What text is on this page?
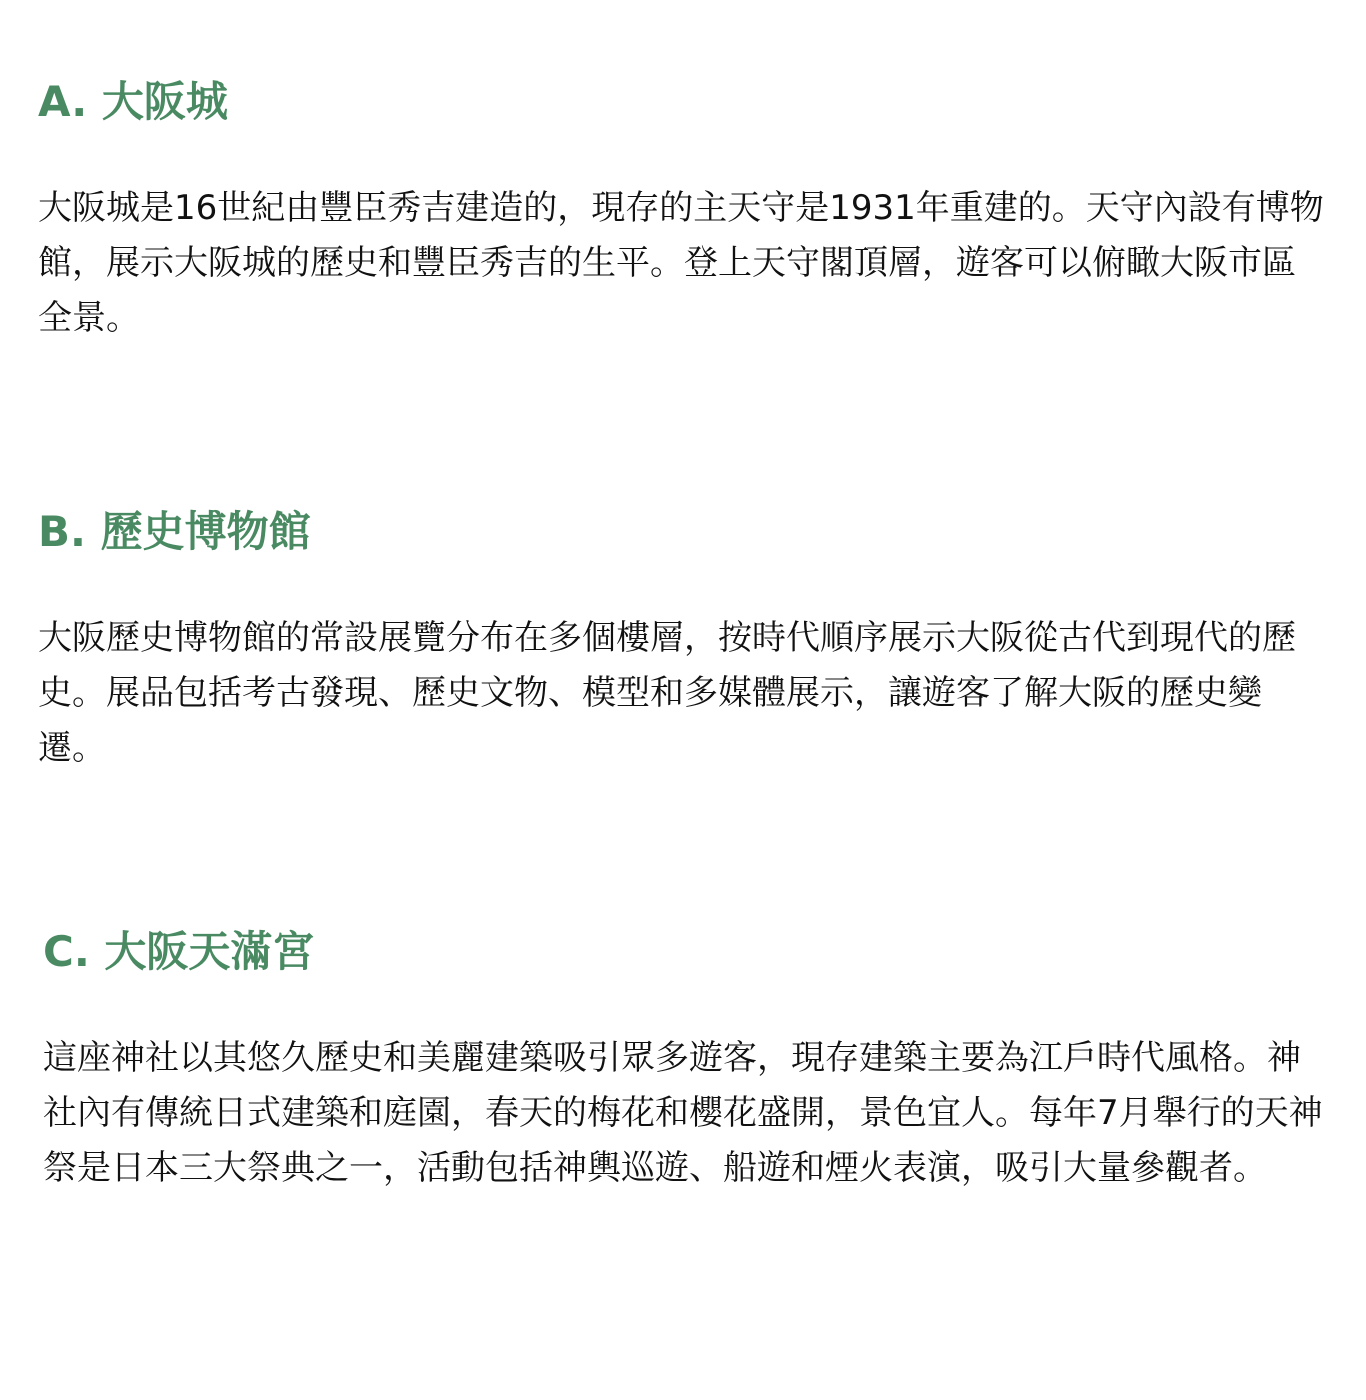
A. 大阪城

大阪城是16世紀由豐臣秀吉建造的，現存的主天守是1931年重建的。天守內設有博物館，展示大阪城的歷史和豐臣秀吉的生平。登上天守閣頂層，遊客可以俯瞰大阪市區全景。

B. 歷史博物館

大阪歷史博物館的常設展覽分布在多個樓層，按時代順序展示大阪從古代到現代的歷史。展品包括考古發現、歷史文物、模型和多媒體展示，讓遊客了解大阪的歷史變遷。

C. 大阪天滿宮

這座神社以其悠久歷史和美麗建築吸引眾多遊客，現存建築主要為江戶時代風格。神社內有傳統日式建築和庭園，春天的梅花和櫻花盛開，景色宜人。每年7月舉行的天神祭是日本三大祭典之一，活動包括神輿巡遊、船遊和煙火表演，吸引大量參觀者。
